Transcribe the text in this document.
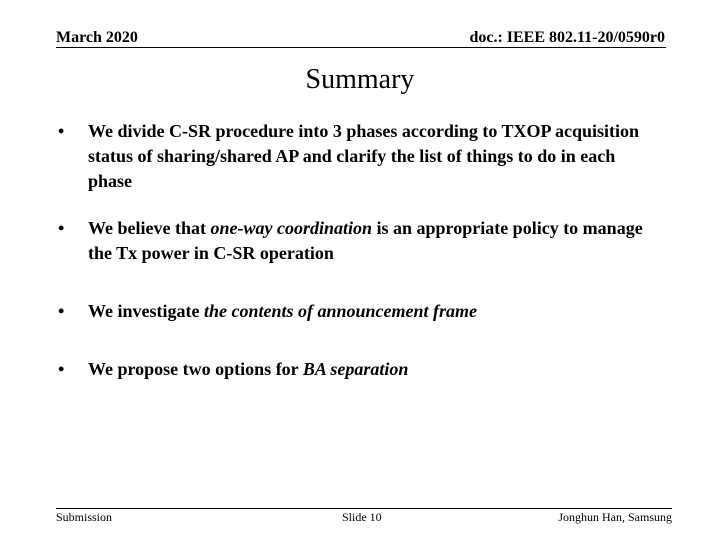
March 2020	doc.: IEEE 802.11-20/0590r0
Summary
• We divide C-SR procedure into 3 phases according to TXOP acquisition status of sharing/shared AP and clarify the list of things to do in each phase
• We believe that one-way coordination is an appropriate policy to manage the Tx power in C-SR operation
• We investigate the contents of announcement frame
• We propose two options for BA separation
Submission	Slide 10	Jonghun Han, Samsung
